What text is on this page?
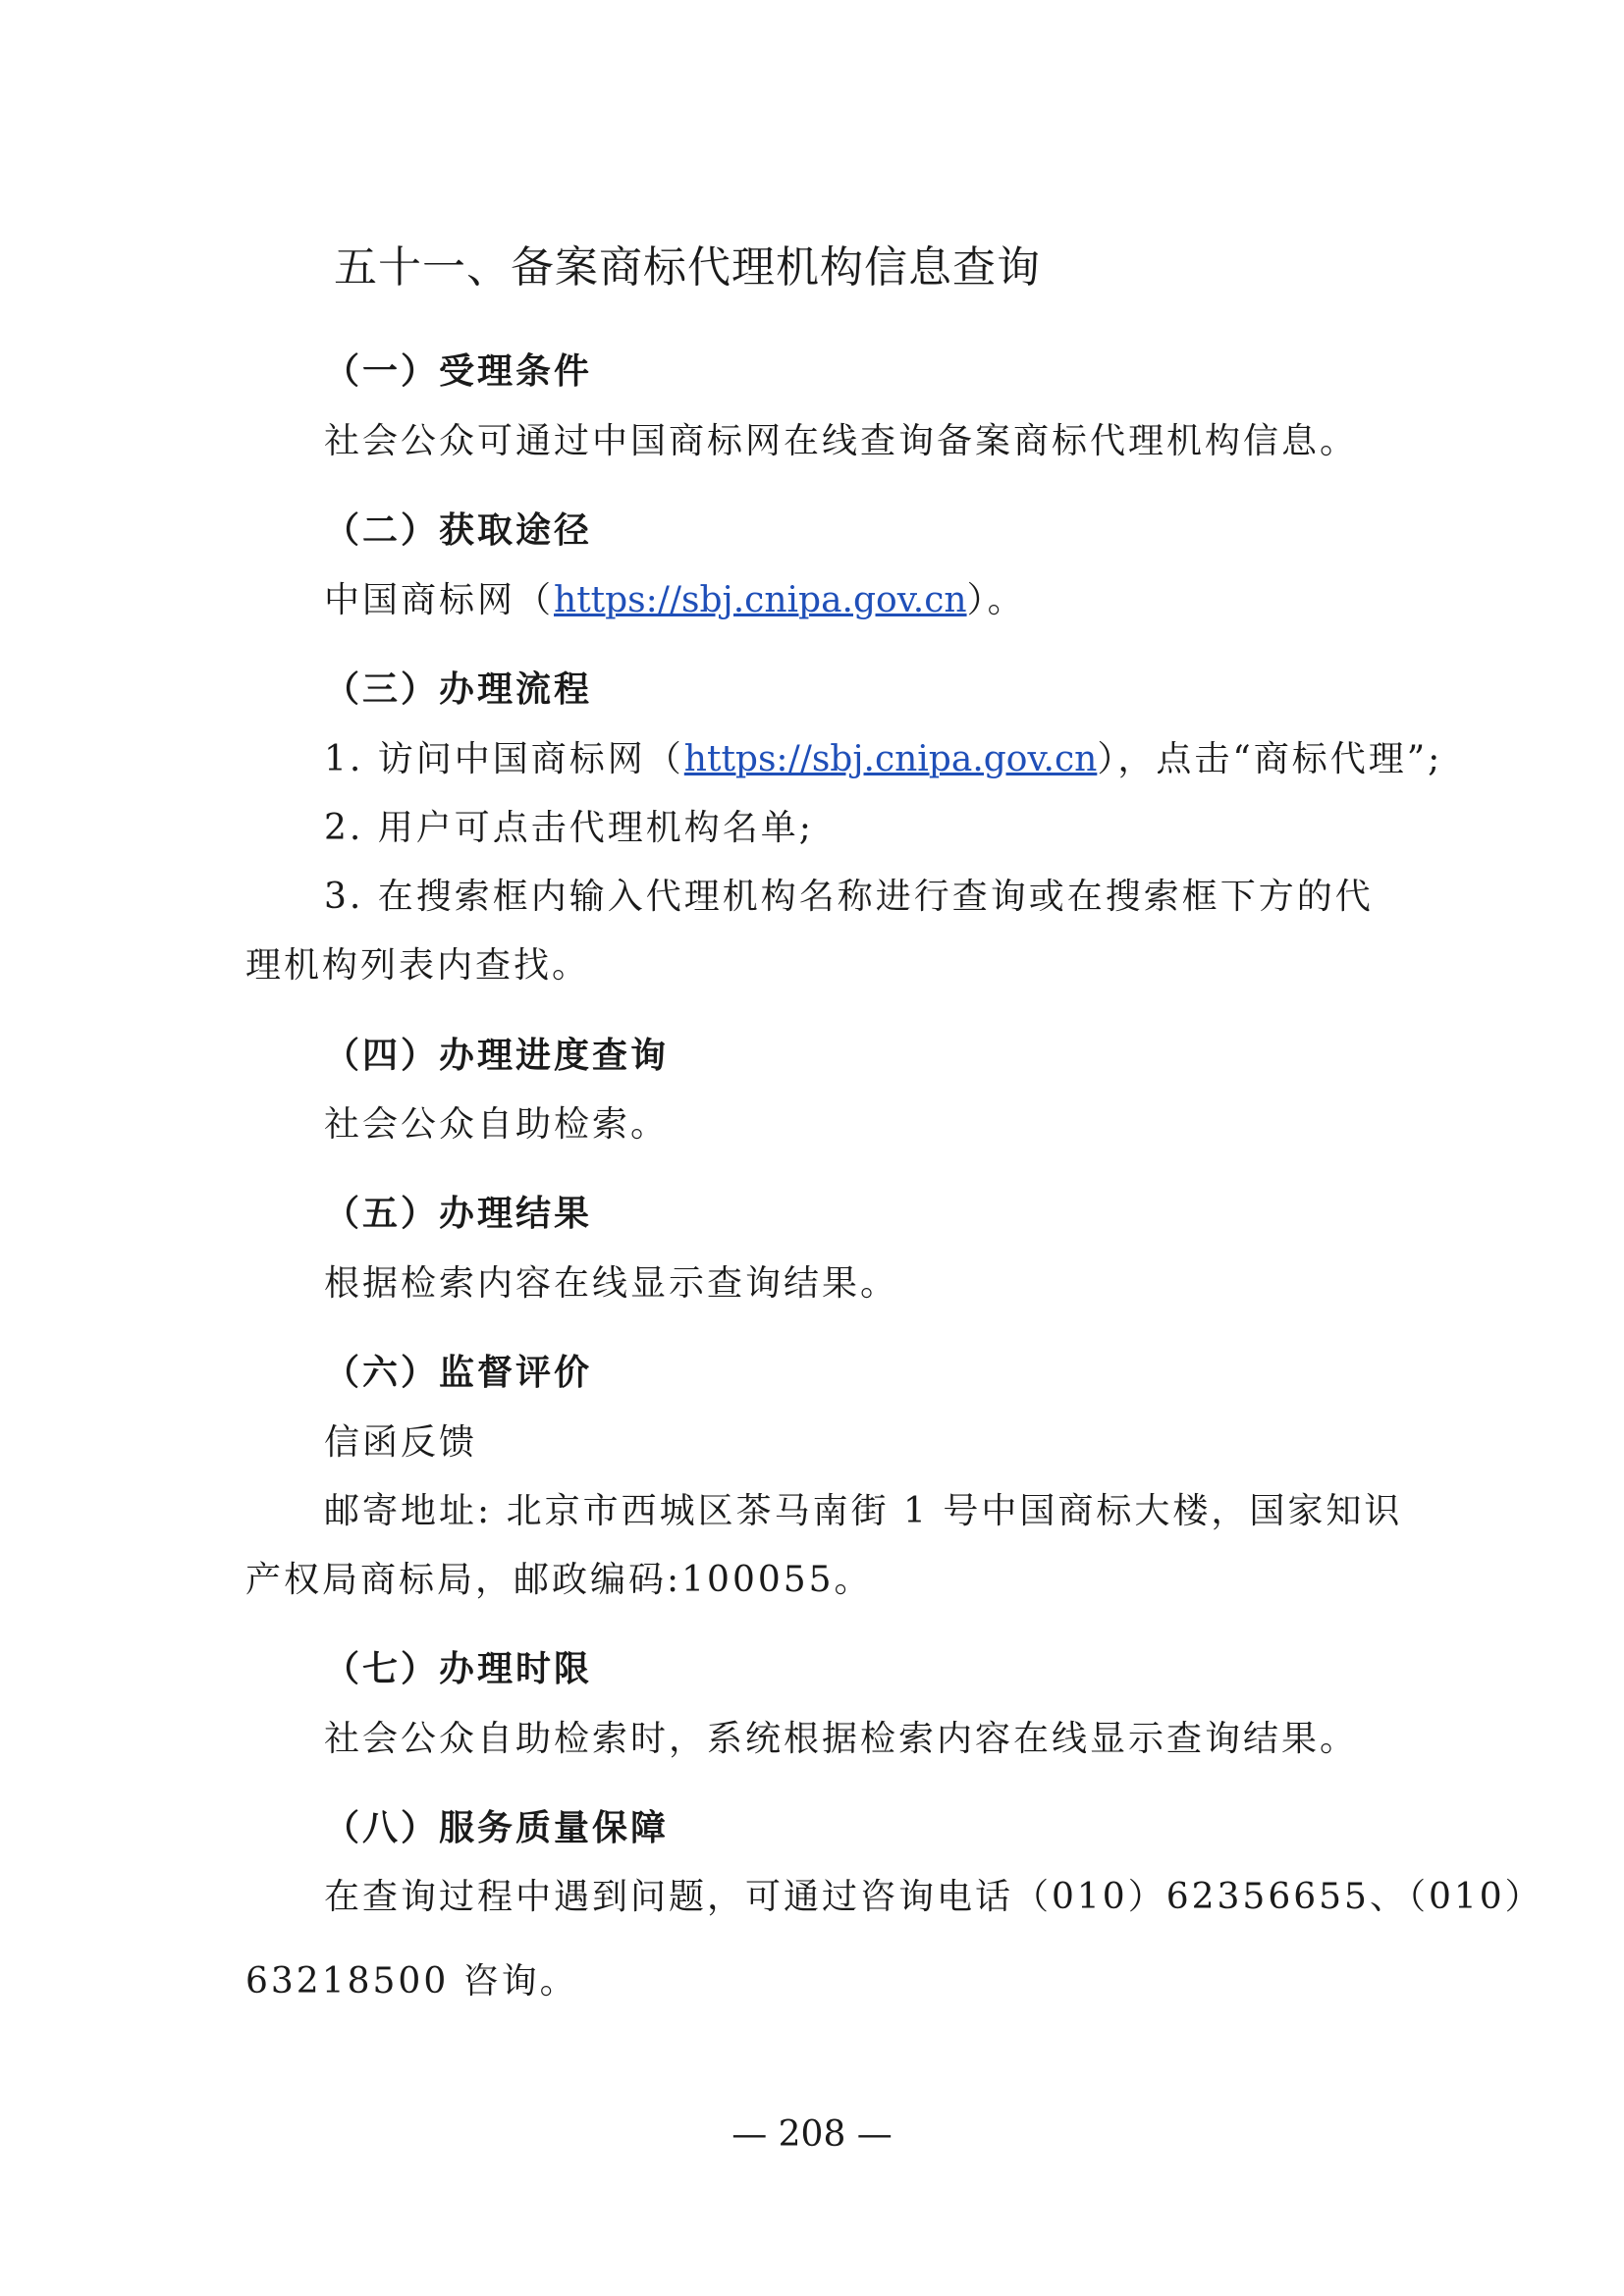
五十一、备案商标代理机构信息查询
（一）受理条件
社会公众可通过中国商标网在线查询备案商标代理机构信息。
（二）获取途径
中国商标网（https://sbj.cnipa.gov.cn）。
（三）办理流程
1. 访问中国商标网（https://sbj.cnipa.gov.cn），点击“商标代理”;
2. 用户可点击代理机构名单;
3. 在搜索框内输入代理机构名称进行查询或在搜索框下方的代
理机构列表内查找。
（四）办理进度查询
社会公众自助检索。
（五）办理结果
根据检索内容在线显示查询结果。
（六）监督评价
信函反馈
邮寄地址: 北京市西城区茶马南街 1 号中国商标大楼，国家知识
产权局商标局，邮政编码:100055。
（七）办理时限
社会公众自助检索时，系统根据检索内容在线显示查询结果。
（八）服务质量保障
在查询过程中遇到问题，可通过咨询电话（010）62356655、（010）
63218500 咨询。
— 208 —
